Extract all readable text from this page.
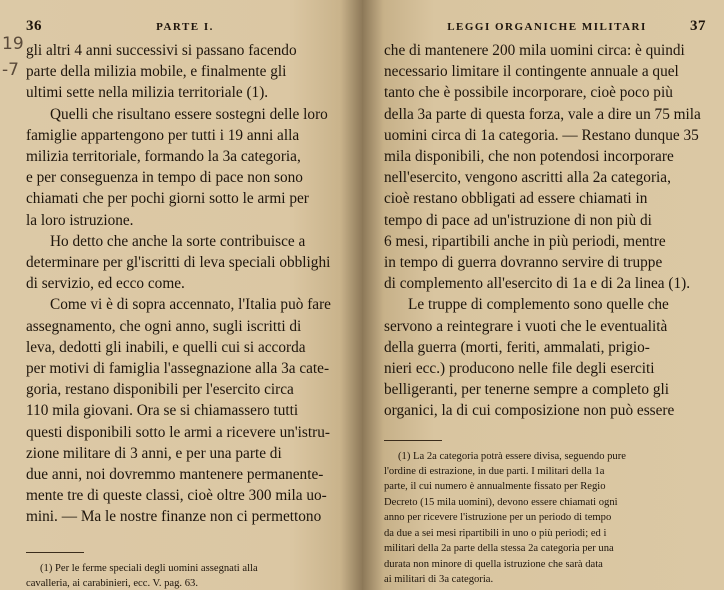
19
-7
36	PARTE I.

gli altri 4 anni successivi si passano facendo

parte della milizia mobile, e finalmente gli

ultimi sette nella milizia territoriale (1).

Quelli che risultano essere sostegni delle loro

famiglie appartengono per tutti i 19 anni alla

milizia territoriale, formando la 3a categoria,

e per conseguenza in tempo di pace non sono

chiamati che per pochi giorni sotto le armi per

la loro istruzione.

Ho detto che anche la sorte contribuisce a

determinare per gl'iscritti di leva speciali obblighi

di servizio, ed ecco come.

Come vi è di sopra accennato, l'Italia può fare

assegnamento, che ogni anno, sugli iscritti di

leva, dedotti gli inabili, e quelli cui si accorda

per motivi di famiglia l'assegnazione alla 3a cate-

goria, restano disponibili per l'esercito circa

110 mila giovani. Ora se si chiamassero tutti

questi disponibili sotto le armi a ricevere un'istru-

zione militare di 3 anni, e per una parte di

due anni, noi dovremmo mantenere permanente-

mente tre di queste classi, cioè oltre 300 mila uo-

mini. — Ma le nostre finanze non ci permettono

(1) Per le ferme speciali degli uomini assegnati alla

cavalleria, ai carabinieri, ecc. V. pag. 63.

LEGGI ORGANICHE MILITARI	37

che di mantenere 200 mila uomini circa: è quindi

necessario limitare il contingente annuale a quel

tanto che è possibile incorporare, cioè poco più

della 3a parte di questa forza, vale a dire un 75 mila

uomini circa di 1a categoria. — Restano dunque 35

mila disponibili, che non potendosi incorporare

nell'esercito, vengono ascritti alla 2a categoria,

cioè restano obbligati ad essere chiamati in

tempo di pace ad un'istruzione di non più di

6 mesi, ripartibili anche in più periodi, mentre

in tempo di guerra dovranno servire di truppe

di complemento all'esercito di 1a e di 2a linea (1).

Le truppe di complemento sono quelle che

servono a reintegrare i vuoti che le eventualità

della guerra (morti, feriti, ammalati, prigio-

nieri ecc.) producono nelle file degli eserciti

belligeranti, per tenerne sempre a completo gli

organici, la di cui composizione non può essere

(1) La 2a categoria potrà essere divisa, seguendo pure

l'ordine di estrazione, in due parti. I militari della 1a

parte, il cui numero è annualmente fissato per Regio

Decreto (15 mila uomini), devono essere chiamati ogni

anno per ricevere l'istruzione per un periodo di tempo

da due a sei mesi ripartibili in uno o più periodi; ed i

militari della 2a parte della stessa 2a categoria per una

durata non minore di quella istruzione che sarà data

ai militari di 3a categoria.
